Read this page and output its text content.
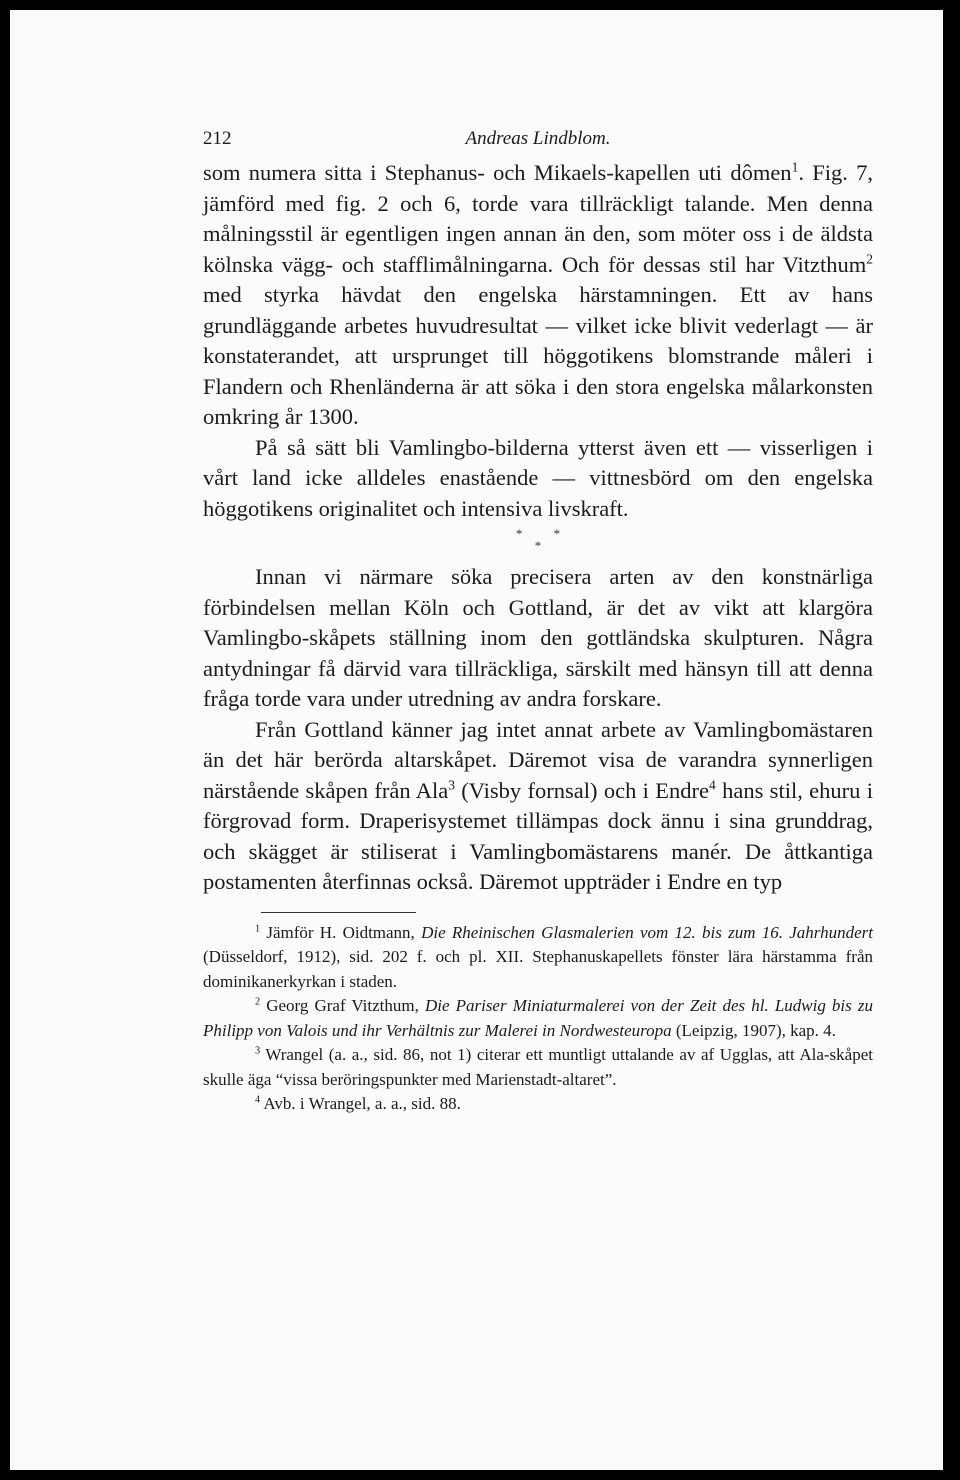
212	Andreas Lindblom.

som numera sitta i Stephanus- och Mikaels-kapellen uti dômen$^1$. Fig. 7, jämförd med fig. 2 och 6, torde vara tillräckligt talande. Men denna målningsstil är egentligen ingen annan än den, som möter oss i de äldsta kölnska vägg- och stafflimålningarna. Och för dessas stil har Vitzthum$^2$ med styrka hävdat den engelska härstamningen. Ett av hans grundläggande arbetes huvudresultat — vilket icke blivit vederlagt — är konstaterandet, att ursprunget till höggotikens blomstrande måleri i Flandern och Rhenländerna är att söka i den stora engelska målarkonsten omkring år 1300.

På så sätt bli Vamlingbo-bilderna ytterst även ett — visserligen i vårt land icke alldeles enastående — vittnesbörd om den engelska höggotikens originalitet och intensiva livskraft.

* *
*

Innan vi närmare söka precisera arten av den konstnärliga förbindelsen mellan Köln och Gottland, är det av vikt att klargöra Vamlingbo-skåpets ställning inom den gottländska skulpturen. Några antydningar få därvid vara tillräckliga, särskilt med hänsyn till att denna fråga torde vara under utredning av andra forskare.

Från Gottland känner jag intet annat arbete av Vamlingbomästaren än det här berörda altarskåpet. Däremot visa de varandra synnerligen närstående skåpen från Ala$^3$ (Visby fornsal) och i Endre$^4$ hans stil, ehuru i förgrovad form. Draperisystemet tillämpas dock ännu i sina grunddrag, och skägget är stiliserat i Vamlingbomästarens manér. De åttkantiga postamenten återfinnas också. Däremot uppträder i Endre en typ

$^1$ Jämför H. Oidtmann, Die Rheinischen Glasmalerien vom 12. bis zum 16. Jahrhundert (Düsseldorf, 1912), sid. 202 f. och pl. XII. Stephanuskapellets fönster lära härstamma från dominikanerkyrkan i staden.

$^2$ Georg Graf Vitzthum, Die Pariser Miniaturmalerei von der Zeit des hl. Ludwig bis zu Philipp von Valois und ihr Verhältnis zur Malerei in Nordwesteuropa (Leipzig, 1907), kap. 4.

$^3$ Wrangel (a. a., sid. 86, not 1) citerar ett muntligt uttalande av af Ugglas, att Ala-skåpet skulle äga “vissa beröringspunkter med Marienstadt-altaret”.

$^4$ Avb. i Wrangel, a. a., sid. 88.
